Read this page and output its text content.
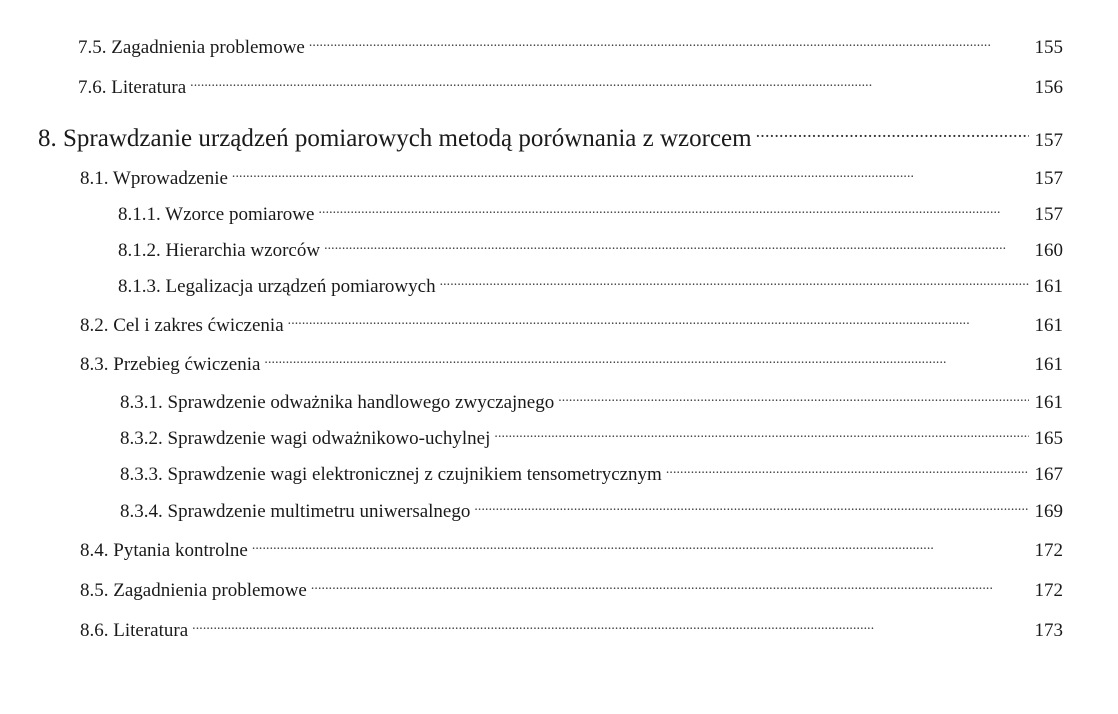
7.5. Zagadnienia problemowe . . .	155
7.6. Literatura . . .	156
8. Sprawdzanie urządzeń pomiarowych metodą porównania z wzorcem . . .	157
8.1. Wprowadzenie . . .	157
8.1.1. Wzorce pomiarowe . . .	157
8.1.2. Hierarchia wzorców . . .	160
8.1.3. Legalizacja urządzeń pomiarowych . . .	161
8.2. Cel i zakres ćwiczenia . . .	161
8.3. Przebieg ćwiczenia . . .	161
8.3.1. Sprawdzenie odważnika handlowego zwyczajnego . . .	161
8.3.2. Sprawdzenie wagi odważnikowo-uchylnej . . .	165
8.3.3. Sprawdzenie wagi elektronicznej z czujnikiem tensometrycznym . . .	167
8.3.4. Sprawdzenie multimetru uniwersalnego . . .	169
8.4. Pytania kontrolne . . .	172
8.5. Zagadnienia problemowe . . .	172
8.6. Literatura . . .	173
